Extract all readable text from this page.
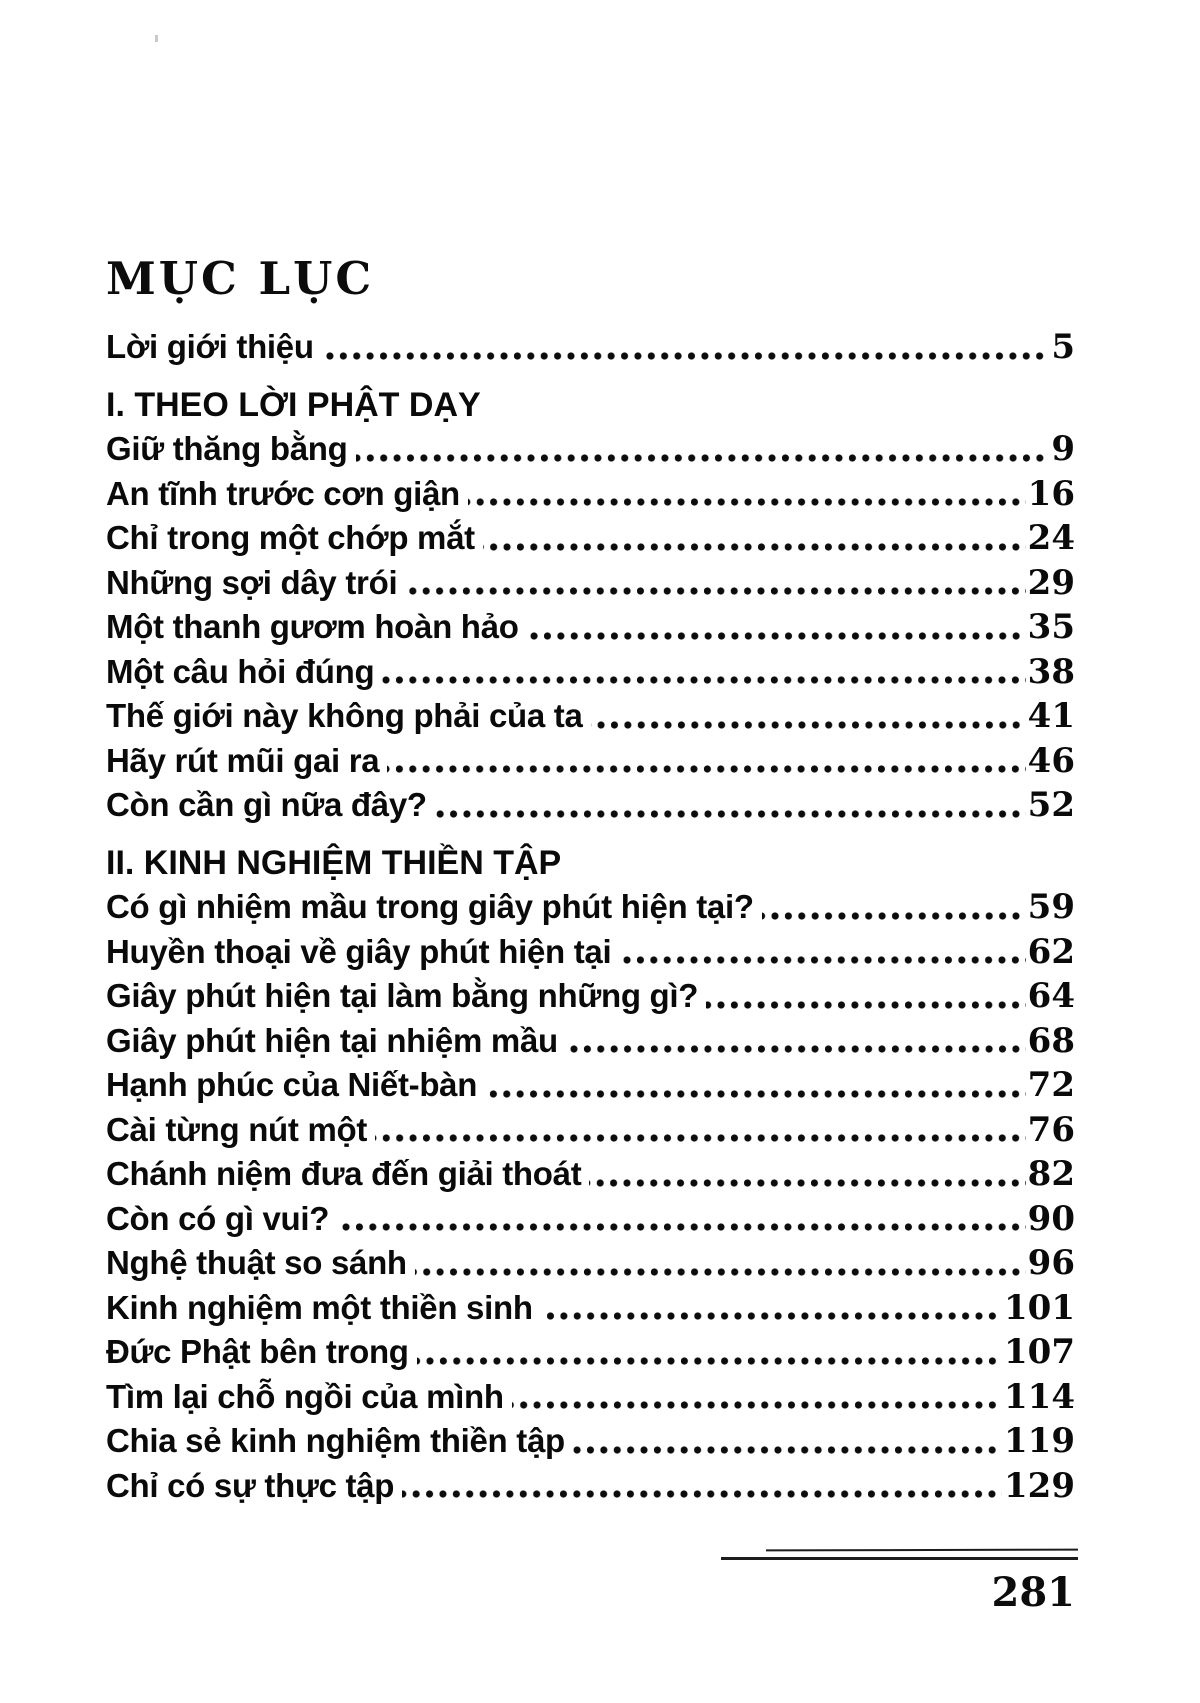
MỤC LỤC
Lời giới thiệu	5
I. THEO LỜI PHẬT DẠY
Giữ thăng bằng	9
An tĩnh trước cơn giận	16
Chỉ trong một chớp mắt	24
Những sợi dây trói	29
Một thanh gươm hoàn hảo	35
Một câu hỏi đúng	38
Thế giới này không phải của ta	41
Hãy rút mũi gai ra	46
Còn cần gì nữa đây?	52
II. KINH NGHIỆM THIỀN TẬP
Có gì nhiệm mầu trong giây phút hiện tại?	59
Huyền thoại về giây phút hiện tại	62
Giây phút hiện tại làm bằng những gì?	64
Giây phút hiện tại nhiệm mầu	68
Hạnh phúc của Niết-bàn	72
Cài từng nút một	76
Chánh niệm đưa đến giải thoát	82
Còn có gì vui?	90
Nghệ thuật so sánh	96
Kinh nghiệm một thiền sinh	101
Đức Phật bên trong	107
Tìm lại chỗ ngồi của mình	114
Chia sẻ kinh nghiệm thiền tập	119
Chỉ có sự thực tập	129
281
